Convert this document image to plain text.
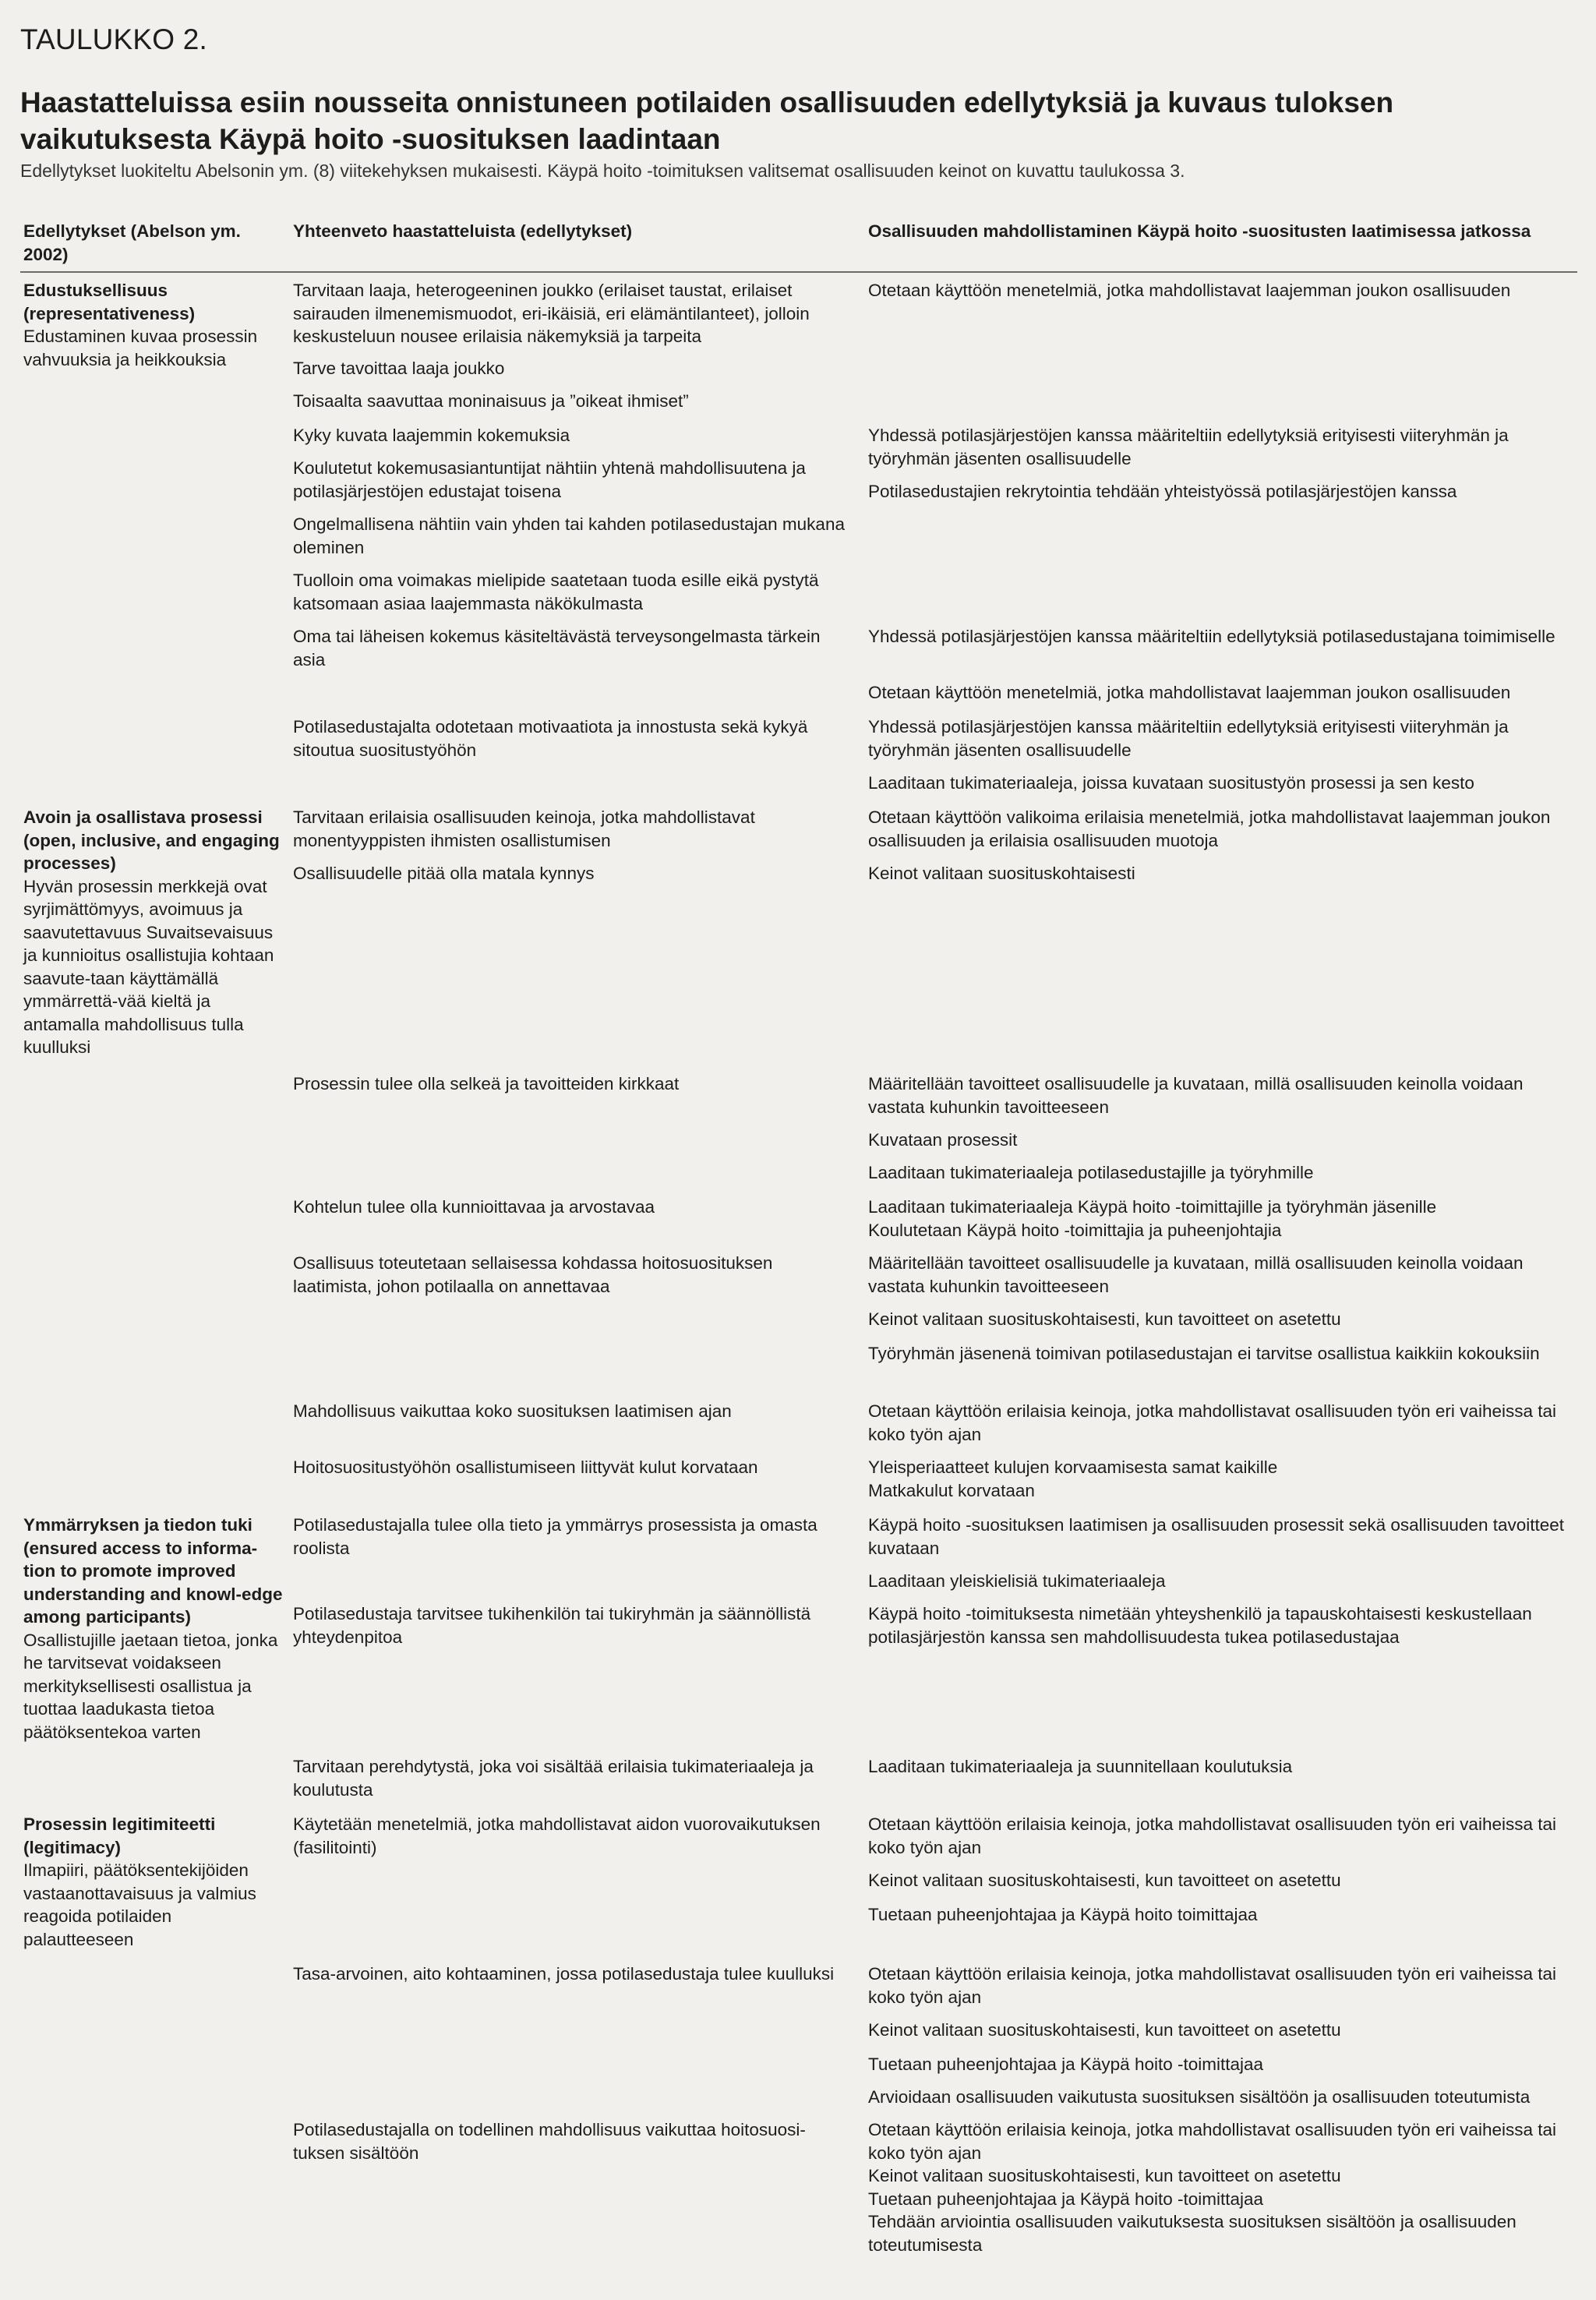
TAULUKKO 2.
Haastatteluissa esiin nousseita onnistuneen potilaiden osallisuuden edellytyksiä ja kuvaus tuloksen vaikutuksesta Käypä hoito -suosituksen laadintaan
Edellytykset luokiteltu Abelsonin ym. (8) viitekehyksen mukaisesti. Käypä hoito -toimituksen valitsemat osallisuuden keinot on kuvattu taulukossa 3.
Edellytykset (Abelson ym. 2002)
Yhteenveto haastatteluista (edellytykset)	Osallisuuden mahdollistaminen Käypä hoito -suositusten laatimisessa jatkossa
Edustuksellisuus (representativeness)
Edustaminen kuvaa prosessin vahvuuksia ja heikkouksia
Avoin ja osallistava prosessi (open, inclusive, and engaging processes)
Hyvän prosessin merkkejä ovat syrjimättömyys, avoimuus ja saavutettavuus Suvaitsevaisuus ja kunnioitus osallistujia kohtaan saavute-taan käyttämällä ymmärrettä-vää kieltä ja antamalla mahdollisuus tulla kuulluksi
Ymmärryksen ja tiedon tuki (ensured access to informa-tion to promote improved understanding and knowl-edge among participants)
Osallistujille jaetaan tietoa, jonka he tarvitsevat voidakseen merkityksellisesti osallistua ja tuottaa laadukasta tietoa päätöksentekoa varten
Prosessin legitimiteetti (legitimacy)
Ilmapiiri, päätöksentekijöiden vastaanottavaisuus ja valmius reagoida potilaiden palautteeseen
Tarvitaan laaja, heterogeeninen joukko (erilaiset taustat, erilaiset sairauden ilmenemismuodot, eri-ikäisiä, eri elämäntilanteet), jolloin keskusteluun nousee erilaisia näkemyksiä ja tarpeita
Tarve tavoittaa laaja joukko
Toisaalta saavuttaa moninaisuus ja ”oikeat ihmiset”
Kyky kuvata laajemmin kokemuksia
Koulutetut kokemusasiantuntijat nähtiin yhtenä mahdollisuutena ja potilasjärjestöjen edustajat toisena
Ongelmallisena nähtiin vain yhden tai kahden potilasedustajan mukana oleminen
Tuolloin oma voimakas mielipide saatetaan tuoda esille eikä pystytä katsomaan asiaa laajemmasta näkökulmasta
Oma tai läheisen kokemus käsiteltävästä terveysongelmasta tärkein asia
Potilasedustajalta odotetaan motivaatiota ja innostusta sekä kykyä sitoutua suositustyöhön
Tarvitaan erilaisia osallisuuden keinoja, jotka mahdollistavat monentyyppisten ihmisten osallistumisen
Osallisuudelle pitää olla matala kynnys
Prosessin tulee olla selkeä ja tavoitteiden kirkkaat
Kohtelun tulee olla kunnioittavaa ja arvostavaa
Osallisuus toteutetaan sellaisessa kohdassa hoitosuosituksen laatimista, johon potilaalla on annettavaa
Mahdollisuus vaikuttaa koko suosituksen laatimisen ajan
Hoitosuositustyöhön osallistumiseen liittyvät kulut korvataan
Potilasedustajalla tulee olla tieto ja ymmärrys prosessista ja omasta roolista
Potilasedustaja tarvitsee tukihenkilön tai tukiryhmän ja säännöllistä yhteydenpitoa
Tarvitaan perehdytystä, joka voi sisältää erilaisia tukimateriaaleja ja koulutusta
Käytetään menetelmiä, jotka mahdollistavat aidon vuorovaikutuksen (fasilitointi)
Tasa-arvoinen, aito kohtaaminen, jossa potilasedustaja tulee kuulluksi
Potilasedustajalla on todellinen mahdollisuus vaikuttaa hoitosuosi-tuksen sisältöön
Otetaan käyttöön menetelmiä, jotka mahdollistavat laajemman joukon osallisuuden
Yhdessä potilasjärjestöjen kanssa määriteltiin edellytyksiä erityisesti viiteryhmän ja työryhmän jäsenten osallisuudelle
Potilasedustajien rekrytointia tehdään yhteistyössä potilasjärjestöjen kanssa
Yhdessä potilasjärjestöjen kanssa määriteltiin edellytyksiä potilasedustajana toimimiselle
Otetaan käyttöön menetelmiä, jotka mahdollistavat laajemman joukon osallisuuden
Yhdessä potilasjärjestöjen kanssa määriteltiin edellytyksiä erityisesti viiteryhmän ja työryhmän jäsenten osallisuudelle
Laaditaan tukimateriaaleja, joissa kuvataan suositustyön prosessi ja sen kesto
Otetaan käyttöön valikoima erilaisia menetelmiä, jotka mahdollistavat laajemman joukon osallisuuden ja erilaisia osallisuuden muotoja
Keinot valitaan suosituskohtaisesti
Määritellään tavoitteet osallisuudelle ja kuvataan, millä osallisuuden keinolla voidaan vastata kuhunkin tavoitteeseen
Kuvataan prosessit
Laaditaan tukimateriaaleja potilasedustajille ja työryhmille
Laaditaan tukimateriaaleja Käypä hoito -toimittajille ja työryhmän jäsenille
Koulutetaan Käypä hoito -toimittajia ja puheenjohtajia
Määritellään tavoitteet osallisuudelle ja kuvataan, millä osallisuuden keinolla voidaan vastata kuhunkin tavoitteeseen
Keinot valitaan suosituskohtaisesti, kun tavoitteet on asetettu
Työryhmän jäsenenä toimivan potilasedustajan ei tarvitse osallistua kaikkiin kokouksiin
Otetaan käyttöön erilaisia keinoja, jotka mahdollistavat osallisuuden työn eri vaiheissa tai koko työn ajan
Yleisperiaatteet kulujen korvaamisesta samat kaikille
Matkakulut korvataan
Käypä hoito -suosituksen laatimisen ja osallisuuden prosessit sekä osallisuuden tavoitteet kuvataan
Laaditaan yleiskielisiä tukimateriaaleja
Käypä hoito -toimituksesta nimetään yhteyshenkilö ja tapauskohtaisesti keskustellaan potilasjärjestön kanssa sen mahdollisuudesta tukea potilasedustajaa
Laaditaan tukimateriaaleja ja suunnitellaan koulutuksia
Otetaan käyttöön erilaisia keinoja, jotka mahdollistavat osallisuuden työn eri vaiheissa tai koko työn ajan
Keinot valitaan suosituskohtaisesti, kun tavoitteet on asetettu
Tuetaan puheenjohtajaa ja Käypä hoito toimittajaa
Otetaan käyttöön erilaisia keinoja, jotka mahdollistavat osallisuuden työn eri vaiheissa tai koko työn ajan
Keinot valitaan suosituskohtaisesti, kun tavoitteet on asetettu
Tuetaan puheenjohtajaa ja Käypä hoito -toimittajaa
Arvioidaan osallisuuden vaikutusta suosituksen sisältöön ja osallisuuden toteutumista
Otetaan käyttöön erilaisia keinoja, jotka mahdollistavat osallisuuden työn eri vaiheissa tai koko työn ajan
Keinot valitaan suosituskohtaisesti, kun tavoitteet on asetettu
Tuetaan puheenjohtajaa ja Käypä hoito -toimittajaa
Tehdään arviointia osallisuuden vaikutuksesta suosituksen sisältöön ja osallisuuden toteutumisesta
